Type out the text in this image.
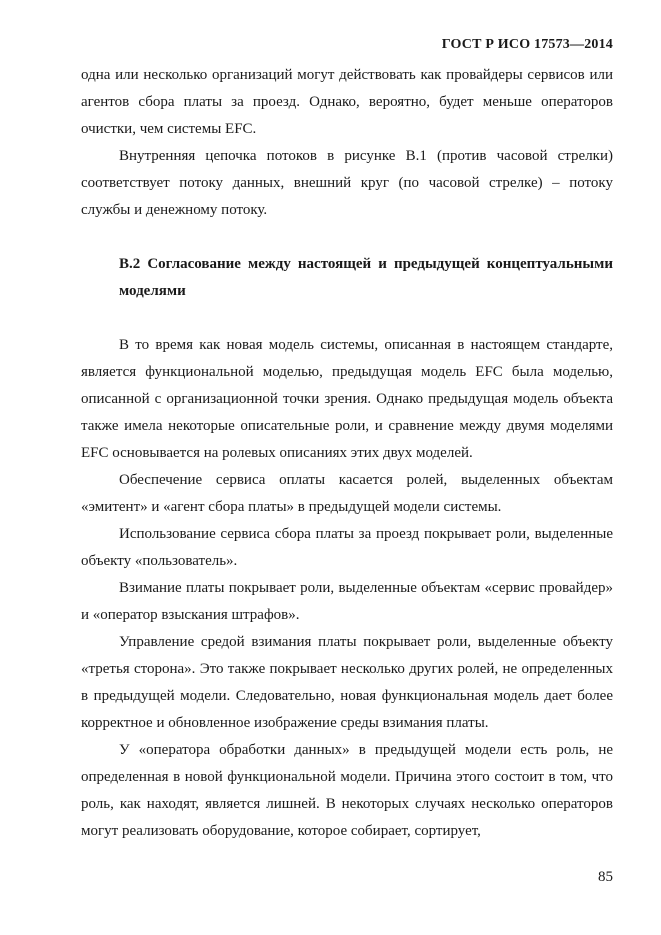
ГОСТ Р ИСО 17573—2014

одна или несколько организаций могут действовать как провайдеры сервисов или агентов сбора платы за проезд. Однако, вероятно, будет меньше операторов очистки, чем системы EFC.

Внутренняя цепочка потоков в рисунке В.1 (против часовой стрелки) соответствует потоку данных, внешний круг (по часовой стрелке) – потоку службы и денежному потоку.

В.2 Согласование между настоящей и предыдущей концептуальными моделями

В то время как новая модель системы, описанная в настоящем стандарте, является функциональной моделью, предыдущая модель EFC была моделью, описанной с организационной точки зрения. Однако предыдущая модель объекта также имела некоторые описательные роли, и сравнение между двумя моделями EFC основывается на ролевых описаниях этих двух моделей.

Обеспечение сервиса оплаты касается ролей, выделенных объектам «эмитент» и «агент сбора платы» в предыдущей модели системы.

Использование сервиса сбора платы за проезд покрывает роли, выделенные объекту «пользователь».

Взимание платы покрывает роли, выделенные объектам «сервис провайдер» и «оператор взыскания штрафов».

Управление средой взимания платы покрывает роли, выделенные объекту «третья сторона». Это также покрывает несколько других ролей, не определенных в предыдущей модели. Следовательно, новая функциональная модель дает более корректное и обновленное изображение среды взимания платы.

У «оператора обработки данных» в предыдущей модели есть роль, не определенная в новой функциональной модели. Причина этого состоит в том, что роль, как находят, является лишней. В некоторых случаях несколько операторов могут реализовать оборудование, которое собирает, сортирует,

85
